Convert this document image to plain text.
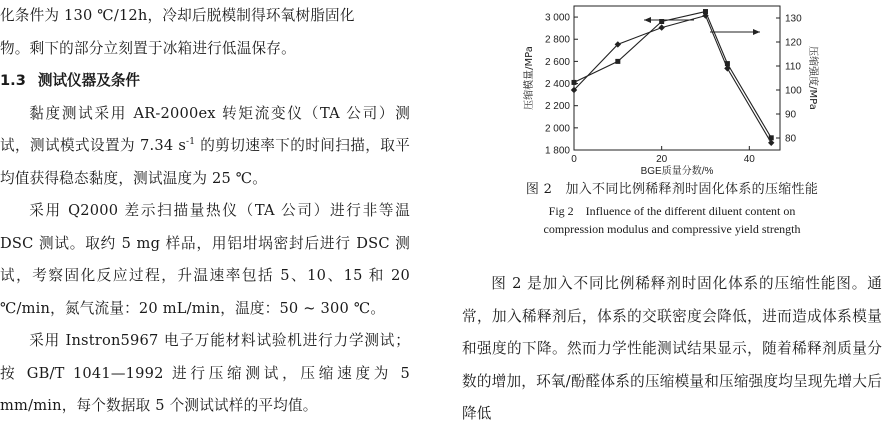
化条件为 130 ℃/12h，冷却后脱模制得环氧树脂固化

物。剩下的部分立刻置于冰箱进行低温保存。

1.3 测试仪器及条件

黏度测试采用 AR-2000ex 转矩流变仪（TA 公司）测试，测试模式设置为 7.34 $s^{-1}$ 的剪切速率下的时间扫描，取平均值获得稳态黏度，测试温度为 25 ℃。

采用 Q2000 差示扫描量热仪（TA 公司）进行非等温 DSC 测试。取约 5 mg 样品，用铝坩埚密封后进行 DSC 测试，考察固化反应过程，升温速率包括 5、10、15 和 20 ℃/min，氮气流量：20 mL/min，温度：50 ~ 300 ℃。

采用 Instron5967 电子万能材料试验机进行力学测试；按 GB/T 1041—1992 进行压缩测试，压缩速度为 5 mm/min，每个数据取 5 个测试试样的平均值。

1 800
2 000
2 200
2 400
2 600
2 800
3 000
80
90
100
110
120
130
0	20	40
BGE质量分数/%
压缩模量/MPa	压缩强度/MPa
图 2　加入不同比例稀释剂时固化体系的压缩性能
Fig 2　Influence of the different diluent content on
compression modulus and compressive yield strength

图 2 是加入不同比例稀释剂时固化体系的压缩性能图。通常，加入稀释剂后，体系的交联密度会降低，进而造成体系模量和强度的下降。然而力学性能测试结果显示，随着稀释剂质量分数的增加，环氧/酚醛体系的压缩模量和压缩强度均呈现先增大后降低
